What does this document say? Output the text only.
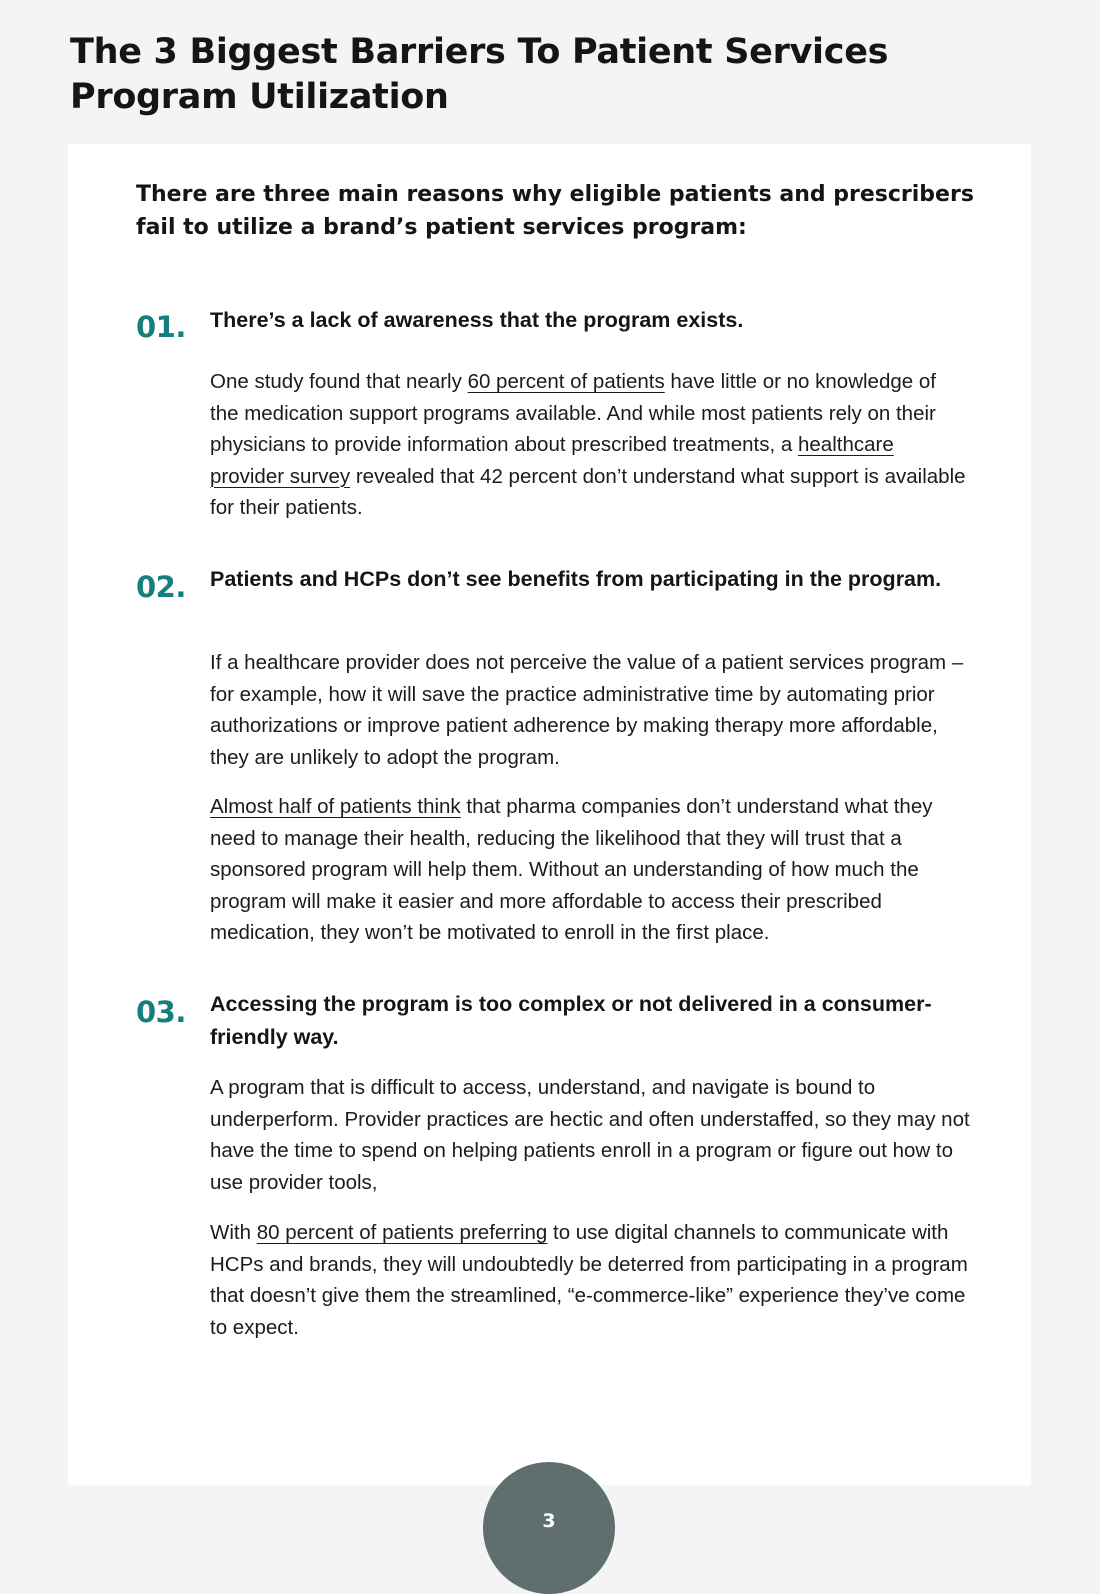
The 3 Biggest Barriers To Patient Services Program Utilization

There are three main reasons why eligible patients and prescribers fail to utilize a brand’s patient services program:

01.	There’s a lack of awareness that the program exists.

One study found that nearly 60 percent of patients have little or no knowledge of the medication support programs available. And while most patients rely on their physicians to provide information about prescribed treatments, a healthcare provider survey revealed that 42 percent don’t understand what support is available for their patients.

02.	Patients and HCPs don’t see benefits from participating in the program.

If a healthcare provider does not perceive the value of a patient services program – for example, how it will save the practice administrative time by automating prior authorizations or improve patient adherence by making therapy more affordable, they are unlikely to adopt the program.

Almost half of patients think that pharma companies don’t understand what they need to manage their health, reducing the likelihood that they will trust that a sponsored program will help them. Without an understanding of how much the program will make it easier and more affordable to access their prescribed medication, they won’t be motivated to enroll in the first place.

03.	Accessing the program is too complex or not delivered in a consumer-friendly way.

A program that is difficult to access, understand, and navigate is bound to underperform. Provider practices are hectic and often understaffed, so they may not have the time to spend on helping patients enroll in a program or figure out how to use provider tools,

With 80 percent of patients preferring to use digital channels to communicate with HCPs and brands, they will undoubtedly be deterred from participating in a program that doesn’t give them the streamlined, “e-commerce-like” experience they’ve come to expect.

3
